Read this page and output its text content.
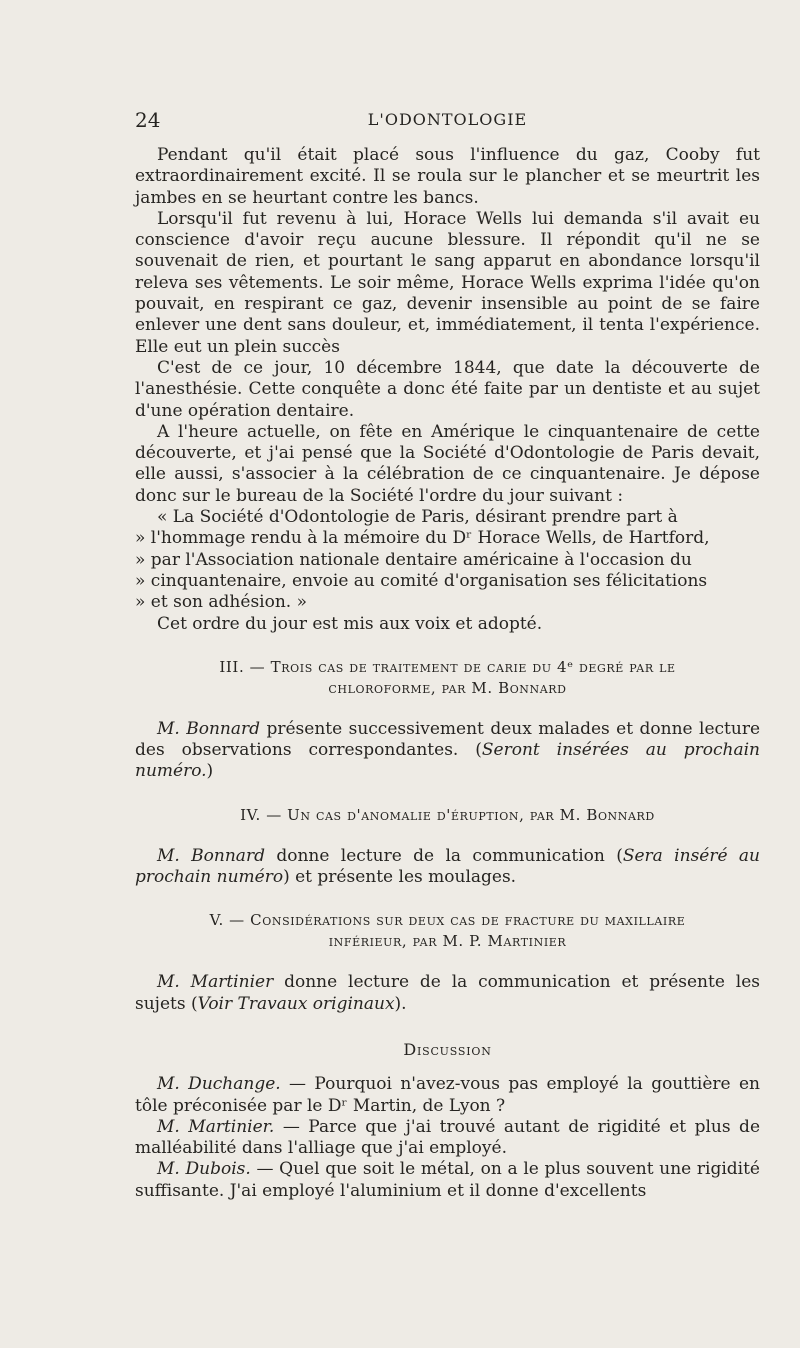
24	L'ODONTOLOGIE

Pendant qu'il était placé sous l'influence du gaz, Cooby fut extraordinairement excité. Il se roula sur le plancher et se meurtrit les jambes en se heurtant contre les bancs.

Lorsqu'il fut revenu à lui, Horace Wells lui demanda s'il avait eu conscience d'avoir reçu aucune blessure. Il répondit qu'il ne se souvenait de rien, et pourtant le sang apparut en abondance lorsqu'il releva ses vêtements. Le soir même, Horace Wells exprima l'idée qu'on pouvait, en respirant ce gaz, devenir insensible au point de se faire enlever une dent sans douleur, et, immédiatement, il tenta l'expérience. Elle eut un plein succès

C'est de ce jour, 10 décembre 1844, que date la découverte de l'anesthésie. Cette conquête a donc été faite par un dentiste et au sujet d'une opération dentaire.

A l'heure actuelle, on fête en Amérique le cinquantenaire de cette découverte, et j'ai pensé que la Société d'Odontologie de Paris devait, elle aussi, s'associer à la célébration de ce cinquantenaire. Je dépose donc sur le bureau de la Société l'ordre du jour suivant :

« La Société d'Odontologie de Paris, désirant prendre part à
» l'hommage rendu à la mémoire du Dʳ Horace Wells, de Hartford,
» par l'Association nationale dentaire américaine à l'occasion du
» cinquantenaire, envoie au comité d'organisation ses félicitations
» et son adhésion. »

Cet ordre du jour est mis aux voix et adopté.

III. — Trois cas de traitement de carie du 4ᵉ degré par le
chloroforme, par M. Bonnard

M. Bonnard présente successivement deux malades et donne lecture des observations correspondantes. (Seront insérées au prochain numéro.)

IV. — Un cas d'anomalie d'éruption, par M. Bonnard

M. Bonnard donne lecture de la communication (Sera inséré au prochain numéro) et présente les moulages.

V. — Considérations sur deux cas de fracture du maxillaire
inférieur, par M. P. Martinier

M. Martinier donne lecture de la communication et présente les sujets (Voir Travaux originaux).

Discussion

M. Duchange. — Pourquoi n'avez-vous pas employé la gouttière en tôle préconisée par le Dʳ Martin, de Lyon ?

M. Martinier. — Parce que j'ai trouvé autant de rigidité et plus de malléabilité dans l'alliage que j'ai employé.

M. Dubois. — Quel que soit le métal, on a le plus souvent une rigidité suffisante. J'ai employé l'aluminium et il donne d'excellents
